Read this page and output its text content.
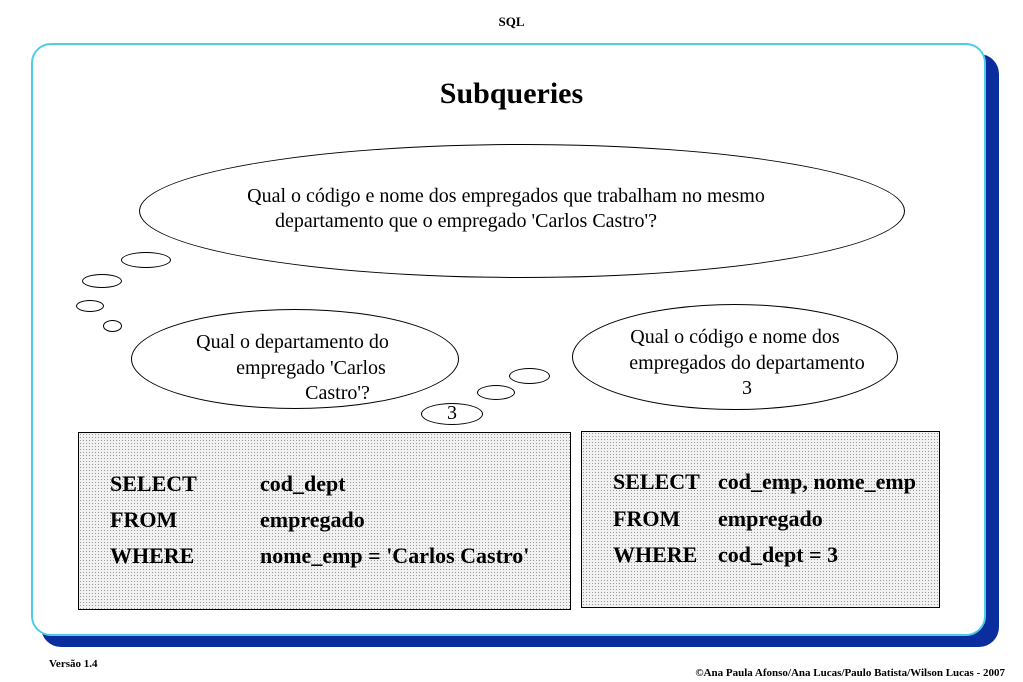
SQL
Subqueries
Qual o código e nome dos empregados que trabalham no mesmo
departamento que o empregado 'Carlos Castro'?
Qual o departamento do
empregado 'Carlos
Castro'?
Qual o código e nome dos
empregados do departamento
3
3
SELECT	cod_dept
FROM	empregado
WHERE	nome_emp = 'Carlos Castro'
SELECT cod_emp, nome_emp
FROM empregado
WHERE cod_dept = 3
Versão 1.4
©Ana Paula Afonso/Ana Lucas/Paulo Batista/Wilson Lucas - 2007
